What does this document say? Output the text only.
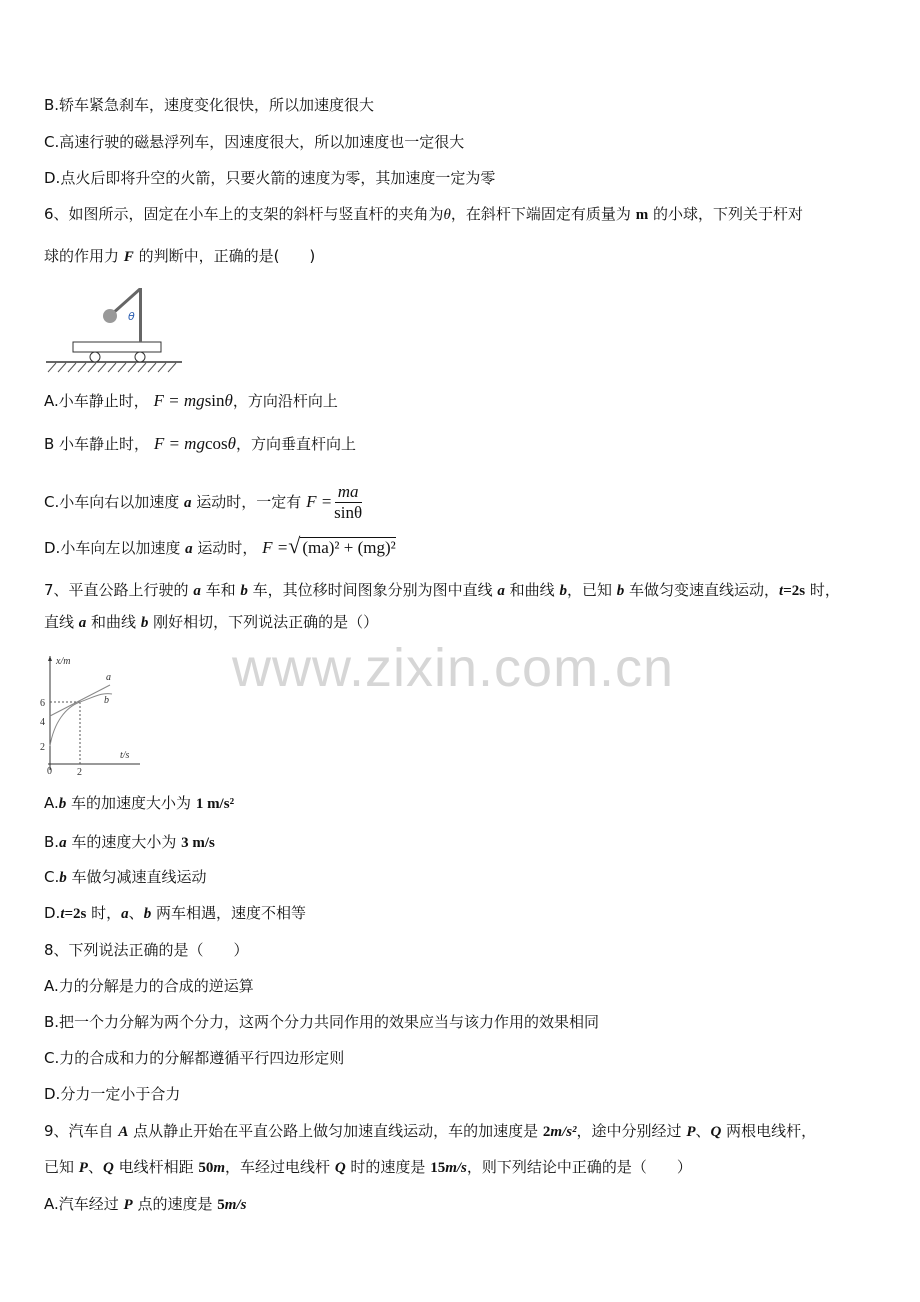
www.zixin.com.cn
B.轿车紧急刹车，速度变化很快，所以加速度很大
C.高速行驶的磁悬浮列车，因速度很大，所以加速度也一定很大
D.点火后即将升空的火箭，只要火箭的速度为零，其加速度一定为零
6、如图所示，固定在小车上的支架的斜杆与竖直杆的夹角为θ，在斜杆下端固定有质量为 m 的小球，下列关于杆对
球的作用力 F 的判断中，正确的是(　　)
A.小车静止时， F = mgsinθ，方向沿杆向上
B 小车静止时， F = mgcosθ，方向垂直杆向上
C.小车向右以加速度 a 运动时，一定有 $F = \frac{ma}{\sin\theta}$
D.小车向左以加速度 a 运动时， F =√ (ma)² + (mg)²
7、平直公路上行驶的 a 车和 b 车，其位移时间图象分别为图中直线 a 和曲线 b，已知 b 车做匀变速直线运动，t=2s 时，
直线 a 和曲线 b 刚好相切，下列说法正确的是（）
A.b 车的加速度大小为 1 m/s²
B.a 车的速度大小为 3 m/s
C.b 车做匀减速直线运动
D.t=2s 时，a、b 两车相遇，速度不相等
8、下列说法正确的是（　　）
A.力的分解是力的合成的逆运算
B.把一个力分解为两个分力，这两个分力共同作用的效果应当与该力作用的效果相同
C.力的合成和力的分解都遵循平行四边形定则
D.分力一定小于合力
9、汽车自 A 点从静止开始在平直公路上做匀加速直线运动，车的加速度是 2m/s²，途中分别经过 P、Q 两根电线杆，
已知 P、Q 电线杆相距 50m，车经过电线杆 Q 时的速度是 15m/s，则下列结论中正确的是（　　）
A.汽车经过 P 点的速度是 5m/s
θ
x/m
t/s
6
4
2
0	2
a
b
